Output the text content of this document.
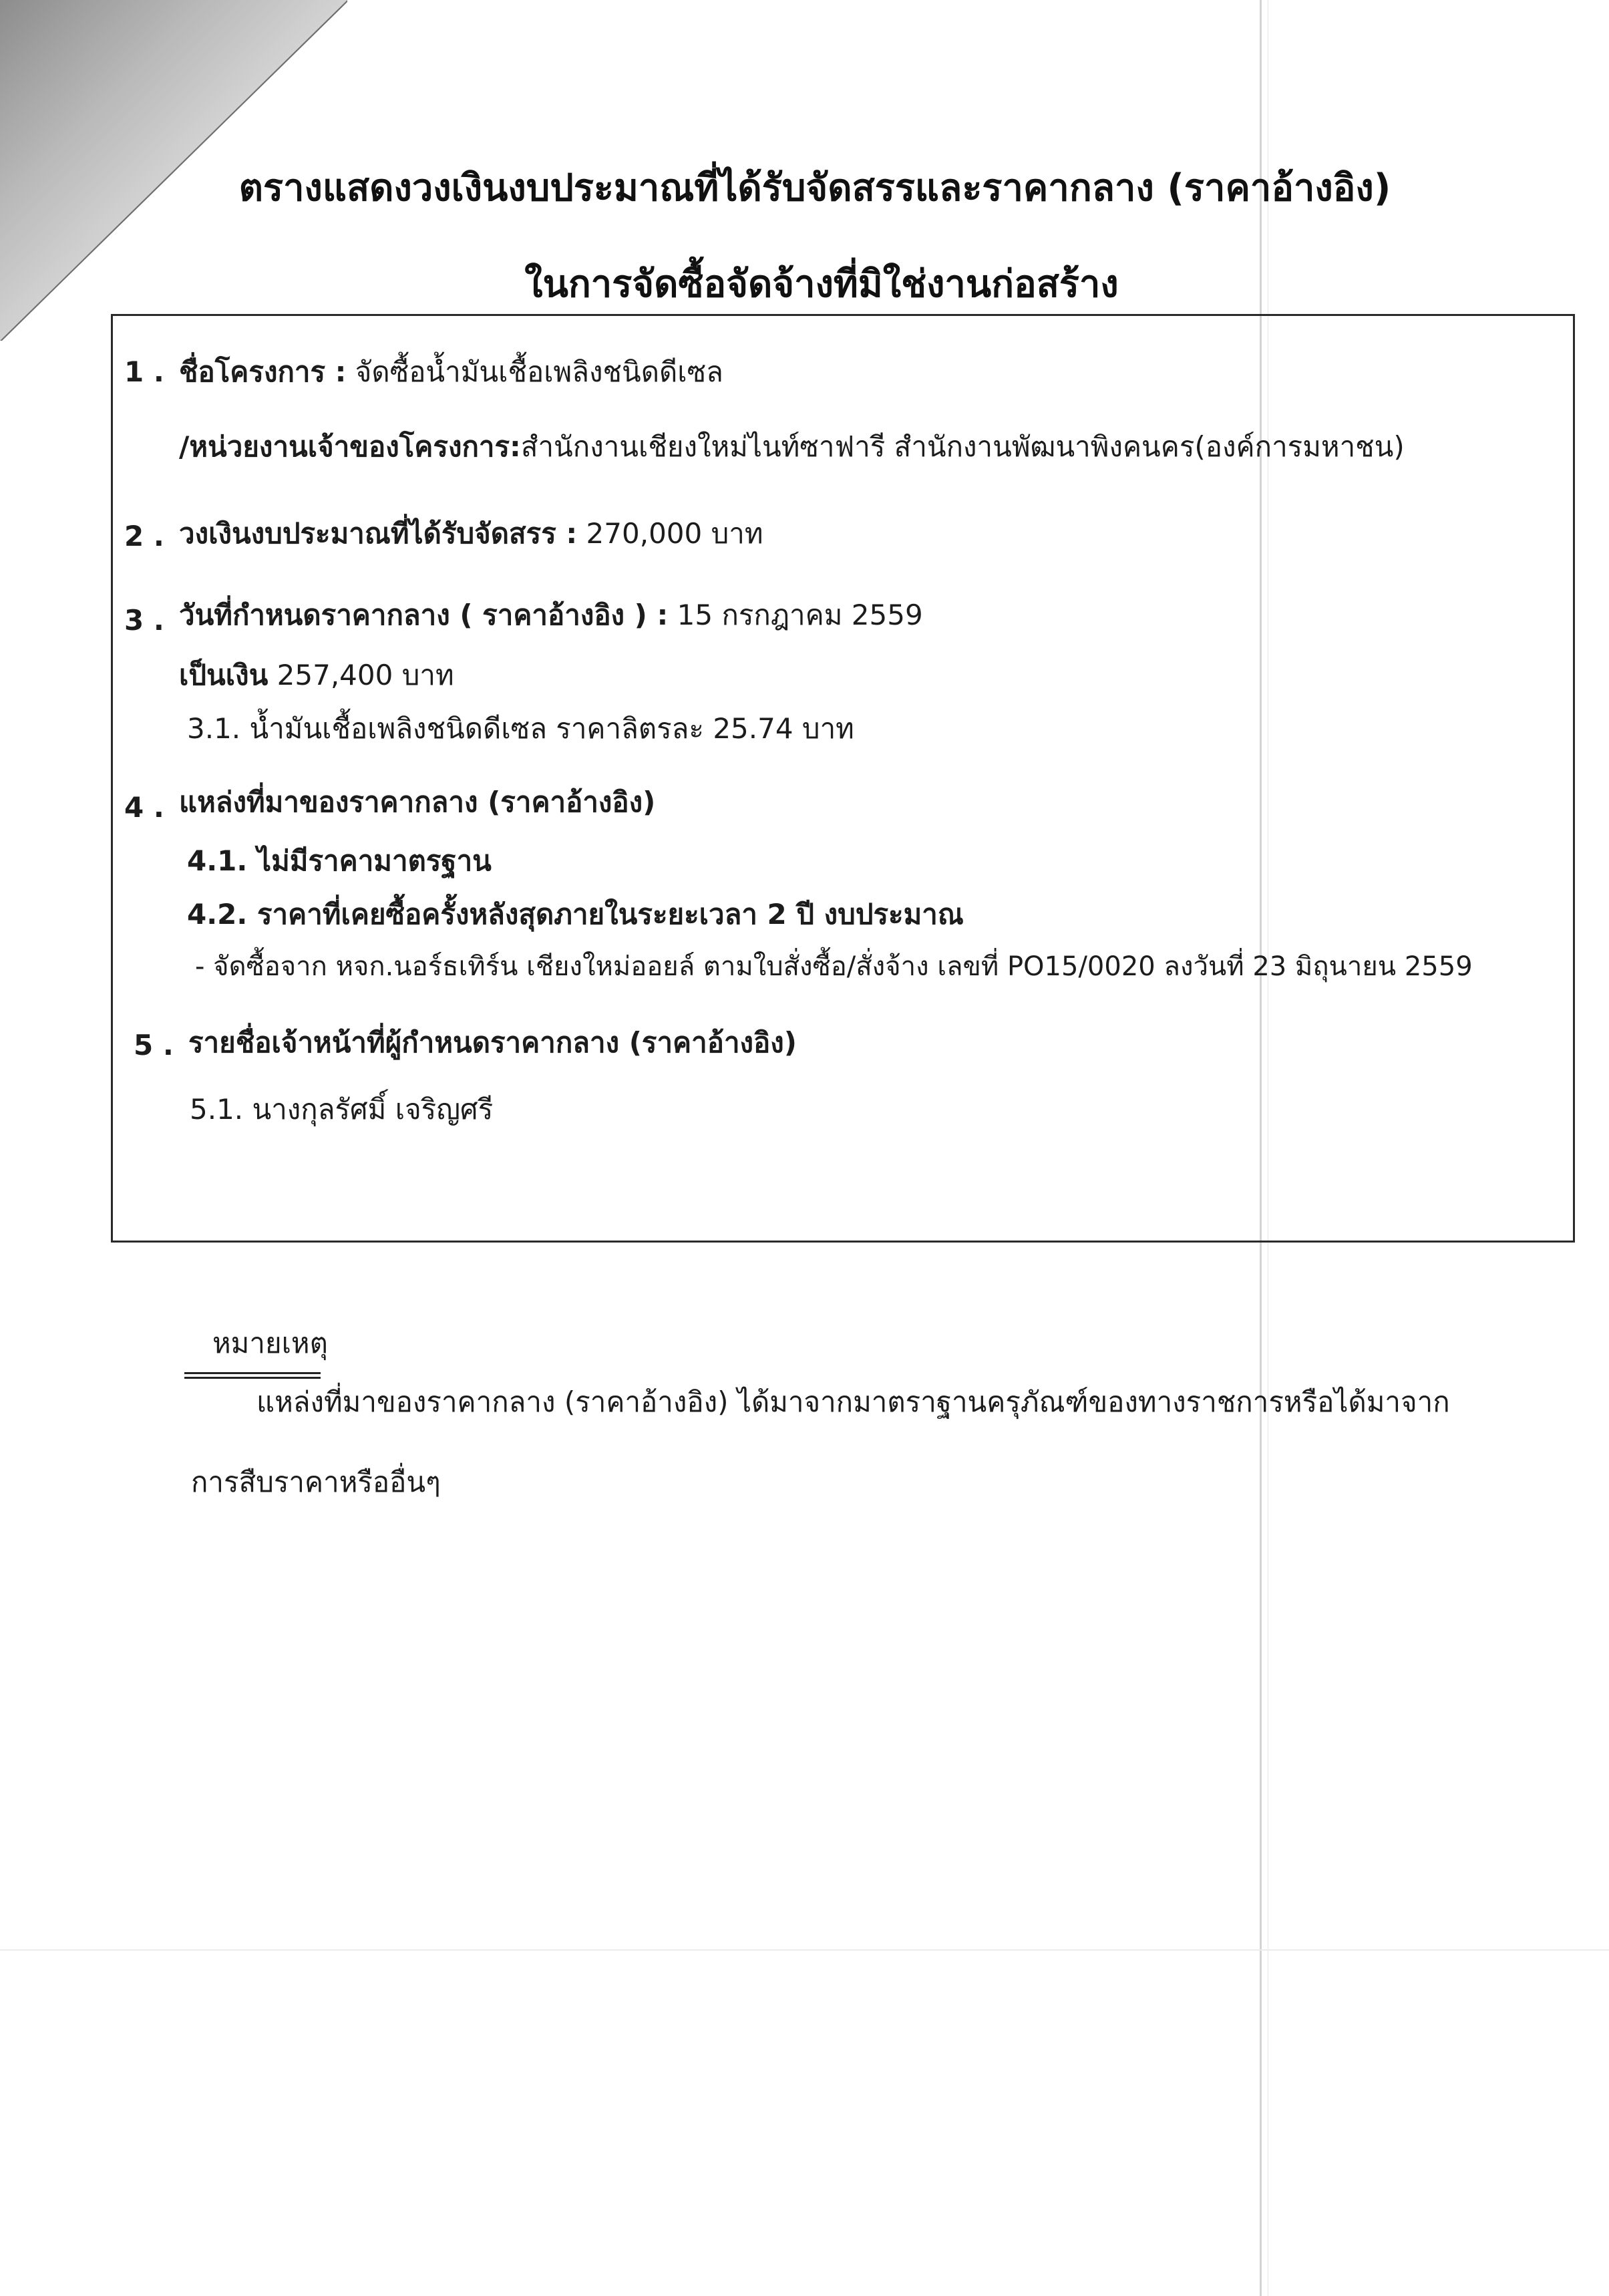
ตรางแสดงวงเงินงบประมาณที่ได้รับจัดสรรและราคากลาง (ราคาอ้างอิง)
ในการจัดซื้อจัดจ้างที่มิใช่งานก่อสร้าง
1 . ชื่อโครงการ : จัดซื้อน้ำมันเชื้อเพลิงชนิดดีเซล
/หน่วยงานเจ้าของโครงการ:สำนักงานเชียงใหม่ไนท์ซาฟารี สำนักงานพัฒนาพิงคนคร(องค์การมหาชน)
2 . วงเงินงบประมาณที่ได้รับจัดสรร : 270,000 บาท
3 . วันที่กำหนดราคากลาง ( ราคาอ้างอิง ) : 15 กรกฎาคม 2559
เป็นเงิน 257,400 บาท
3.1. น้ำมันเชื้อเพลิงชนิดดีเซล ราคาลิตรละ 25.74 บาท
4 . แหล่งที่มาของราคากลาง (ราคาอ้างอิง)
4.1. ไม่มีราคามาตรฐาน
4.2. ราคาที่เคยซื้อครั้งหลังสุดภายในระยะเวลา 2 ปี งบประมาณ
- จัดซื้อจาก หจก.นอร์ธเทิร์น เชียงใหม่ออยล์ ตามใบสั่งซื้อ/สั่งจ้าง เลขที่ PO15/0020 ลงวันที่ 23 มิถุนายน 2559
5 . รายชื่อเจ้าหน้าที่ผู้กำหนดราคากลาง (ราคาอ้างอิง)
5.1. นางกุลรัศมิ์ เจริญศรี
หมายเหตุ
แหล่งที่มาของราคากลาง (ราคาอ้างอิง) ได้มาจากมาตราฐานครุภัณฑ์ของทางราชการหรือได้มาจาก
การสืบราคาหรืออื่นๆ
